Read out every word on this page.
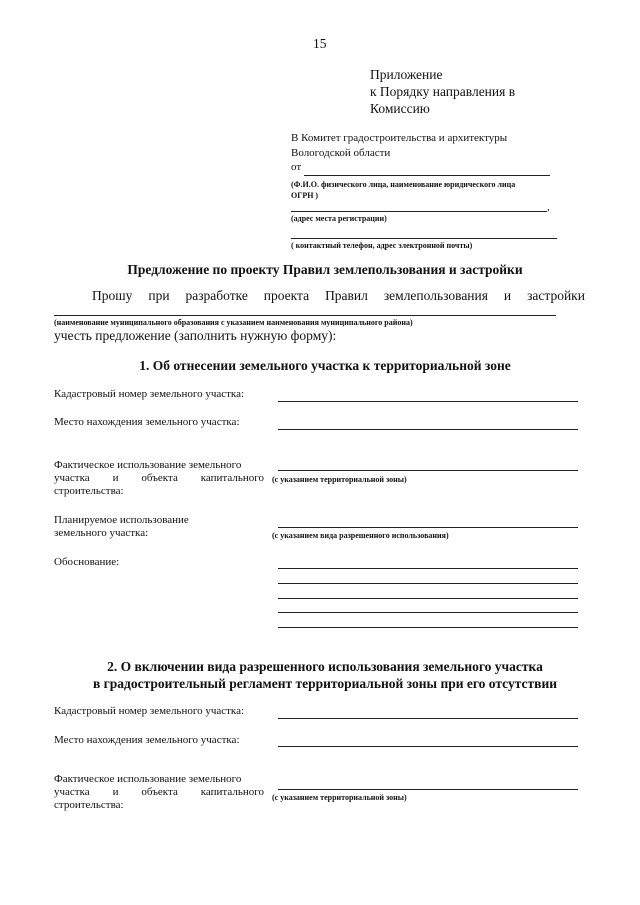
15
Приложение
к Порядку направления в
Комиссию
В Комитет градостроительства и архитектуры
Вологодской области
от
(Ф.И.О. физического лица, наименование юридического лица
ОГРН )
,
(адрес места регистрации)
( контактный телефон, адрес электронной почты)
Предложение по проекту Правил землепользования и застройки
Прошу при разработке проекта Правил землепользования и застройки
(наименование муниципального образования с указанием наименования муниципального района)
учесть предложение (заполнить нужную форму):
1. Об отнесении земельного участка к территориальной зоне
Кадастровый номер земельного участка:
Место нахождения земельного участка:
Фактическое использование земельного
участка и объекта капитального
строительства:
(с указанием территориальной зоны)
Планируемое использование
земельного участка:	(с указанием вида разрешенного использования)
Обоснование:
2. О включении вида разрешенного использования земельного участка
в градостроительный регламент территориальной зоны при его отсутствии
Кадастровый номер земельного участка:
Место нахождения земельного участка:
Фактическое использование земельного
участка и объекта капитального
строительства:
(с указанием территориальной зоны)
